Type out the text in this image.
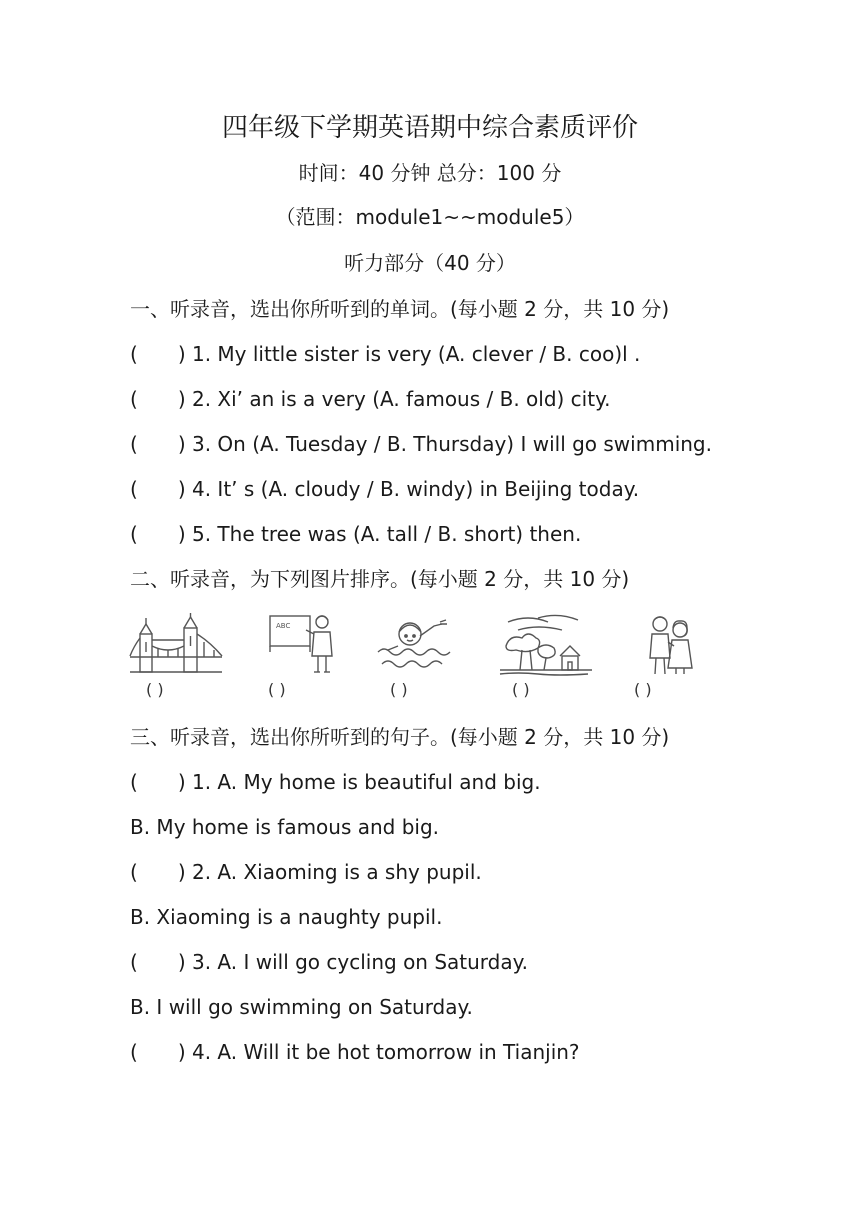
四年级下学期英语期中综合素质评价
时间：40 分钟 总分：100 分
（范围：module1~~module5）
听力部分（40 分）
一、听录音，选出你所听到的单词。(每小题 2 分，共 10 分)
( ) 1. My little sister is very (A. clever / B. coo)l .
( ) 2. Xi’ an is a very (A. famous / B. old) city.
( ) 3. On (A. Tuesday / B. Thursday) I will go swimming.
( ) 4. It’ s (A. cloudy / B. windy) in Beijing today.
( ) 5. The tree was (A. tall / B. short) then.
二、听录音，为下列图片排序。(每小题 2 分，共 10 分)
( )
ABC
( )	( )	( )	( )
三、听录音，选出你所听到的句子。(每小题 2 分，共 10 分)
( ) 1. A. My home is beautiful and big.
B. My home is famous and big.
( ) 2. A. Xiaoming is a shy pupil.
B. Xiaoming is a naughty pupil.
( ) 3. A. I will go cycling on Saturday.
B. I will go swimming on Saturday.
( ) 4. A. Will it be hot tomorrow in Tianjin?
